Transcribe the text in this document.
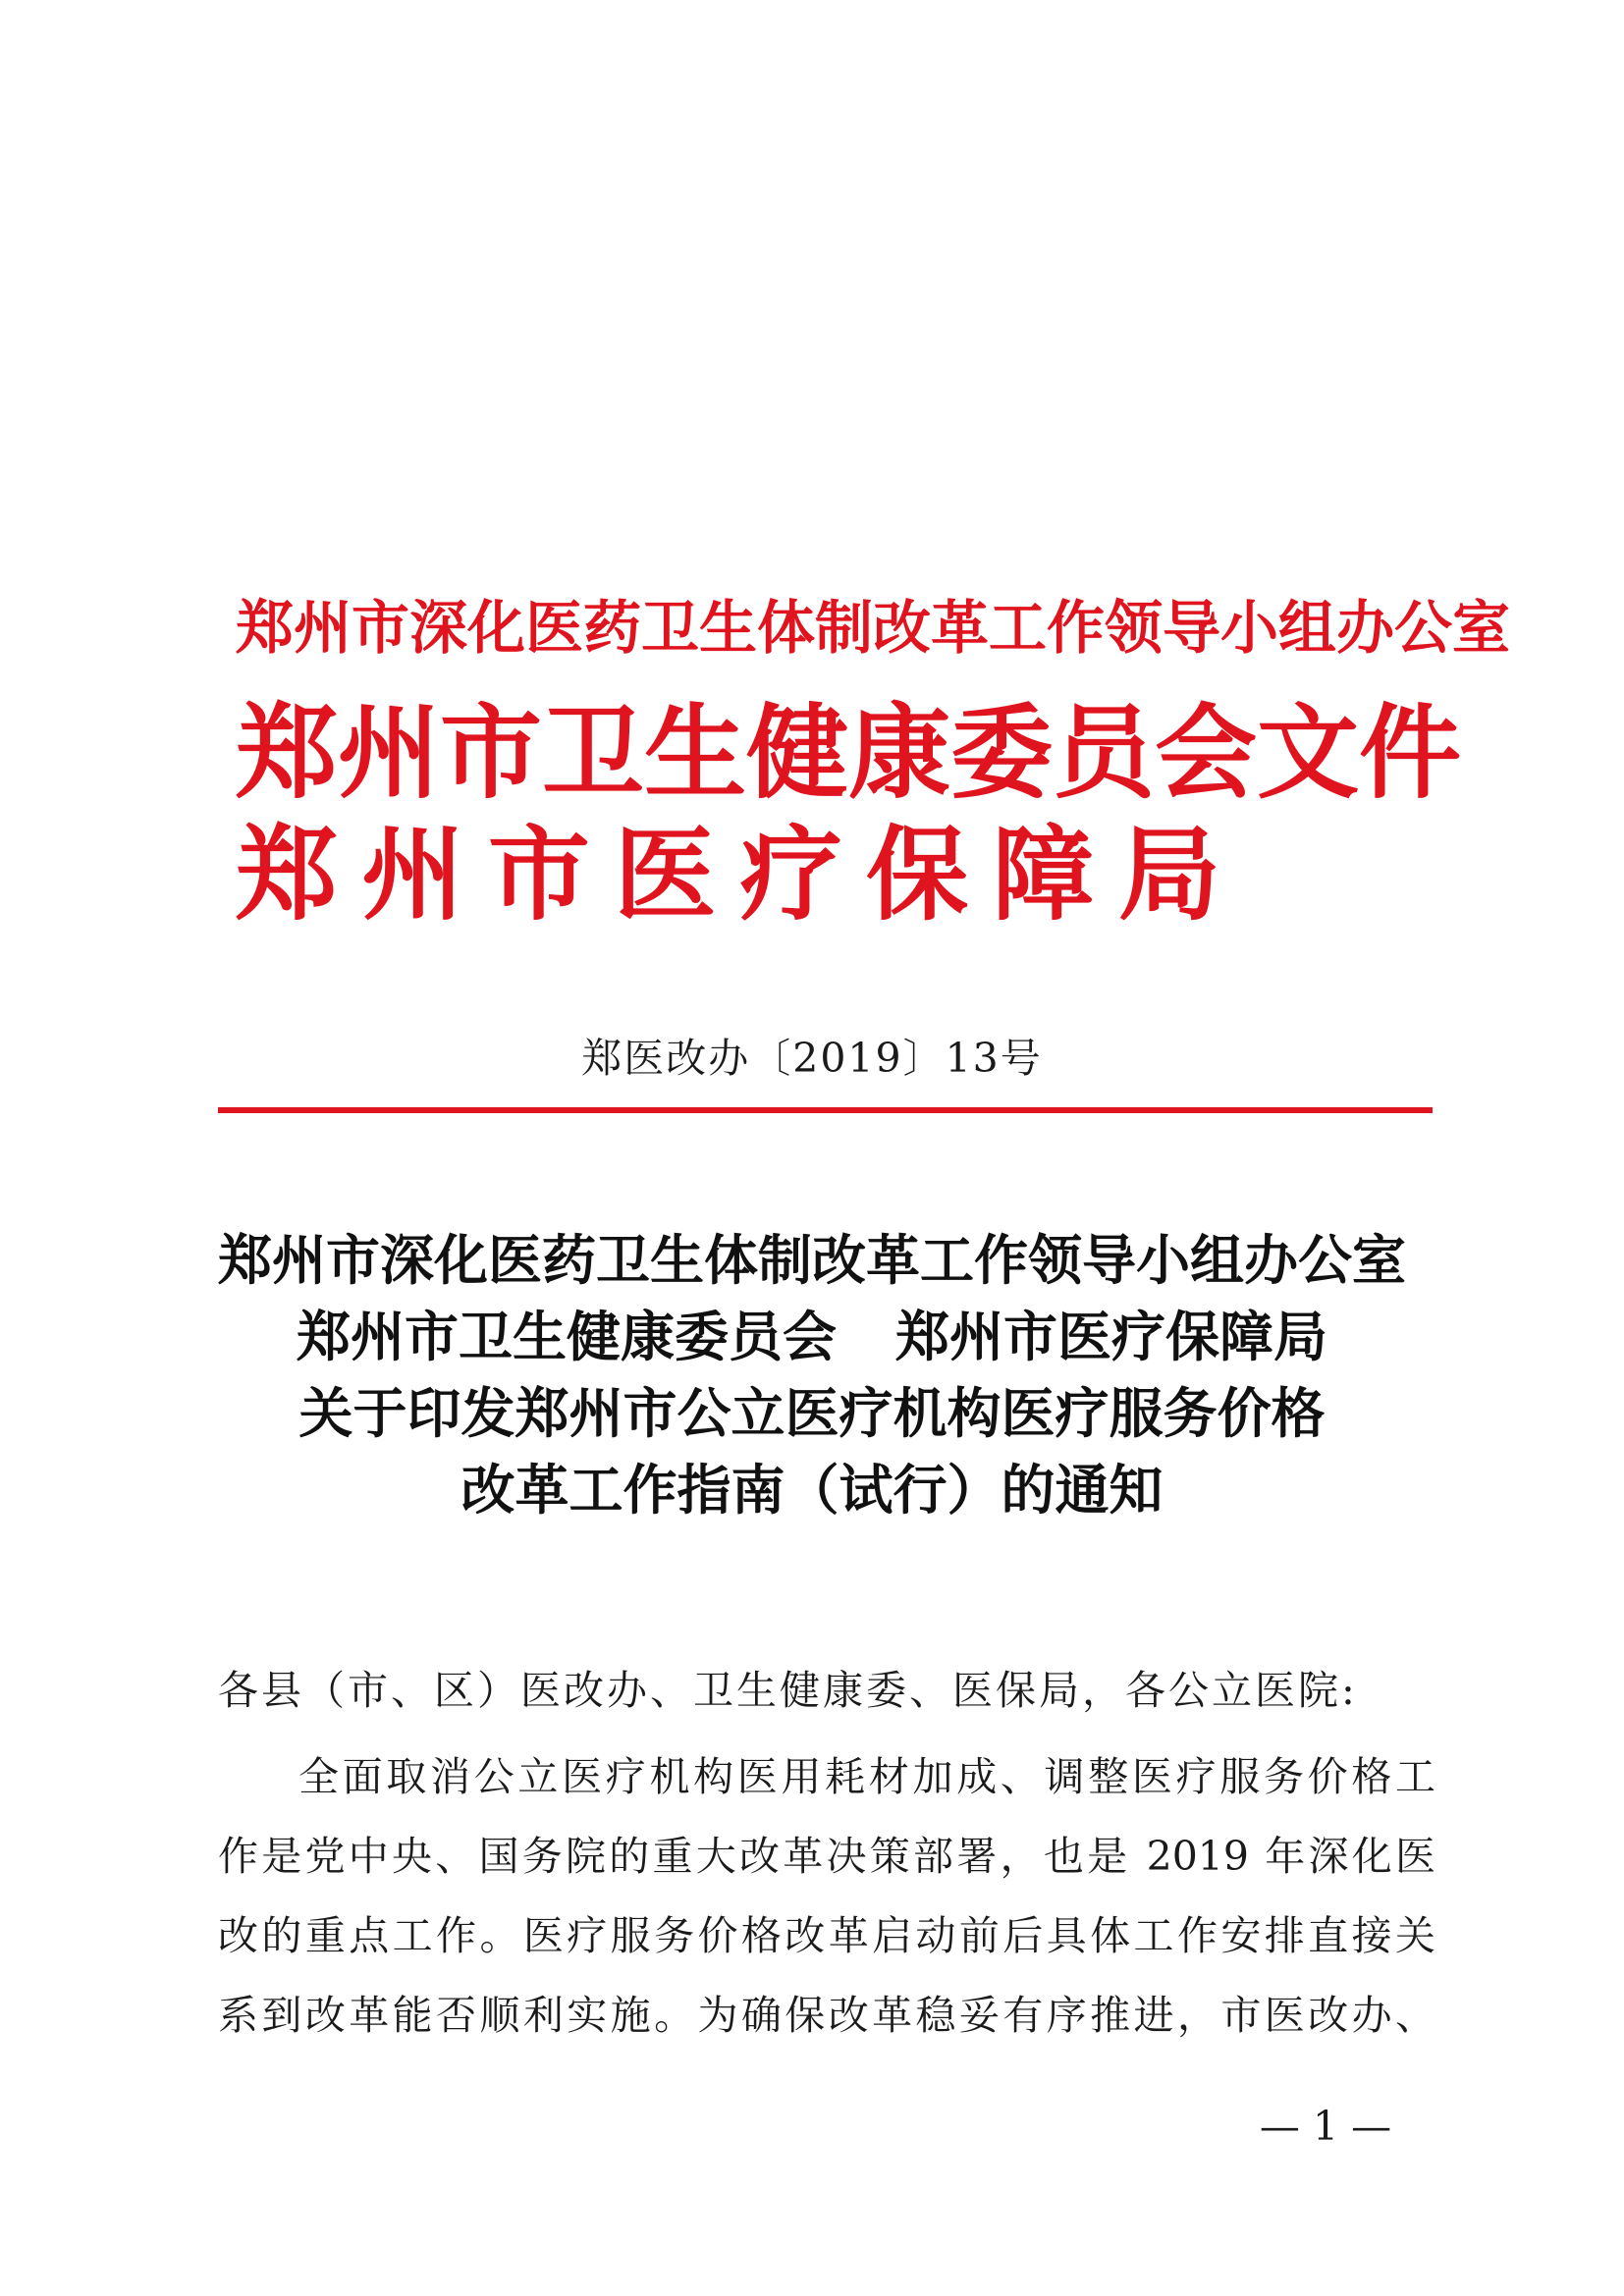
郑州市深化医药卫生体制改革工作领导小组办公室
郑 州 市 卫 生 健 康 委 员 会 文 件
郑 州 市 医 疗 保 障 局
郑医改办〔2019〕13号
郑州市深化医药卫生体制改革工作领导小组办公室
郑州市卫生健康委员会 郑州市医疗保障局
关于印发郑州市公立医疗机构医疗服务价格
改革工作指南（试行）的通知
各县（市、区）医改办、卫生健康委、医保局，各公立医院:
全面取消公立医疗机构医用耗材加成、调整医疗服务价格工
作是党中央、国务院的重大改革决策部署，也是 2019 年深化医
改的重点工作。医疗服务价格改革启动前后具体工作安排直接关
系到改革能否顺利实施。为确保改革稳妥有序推进，市医改办、
— 1 —
